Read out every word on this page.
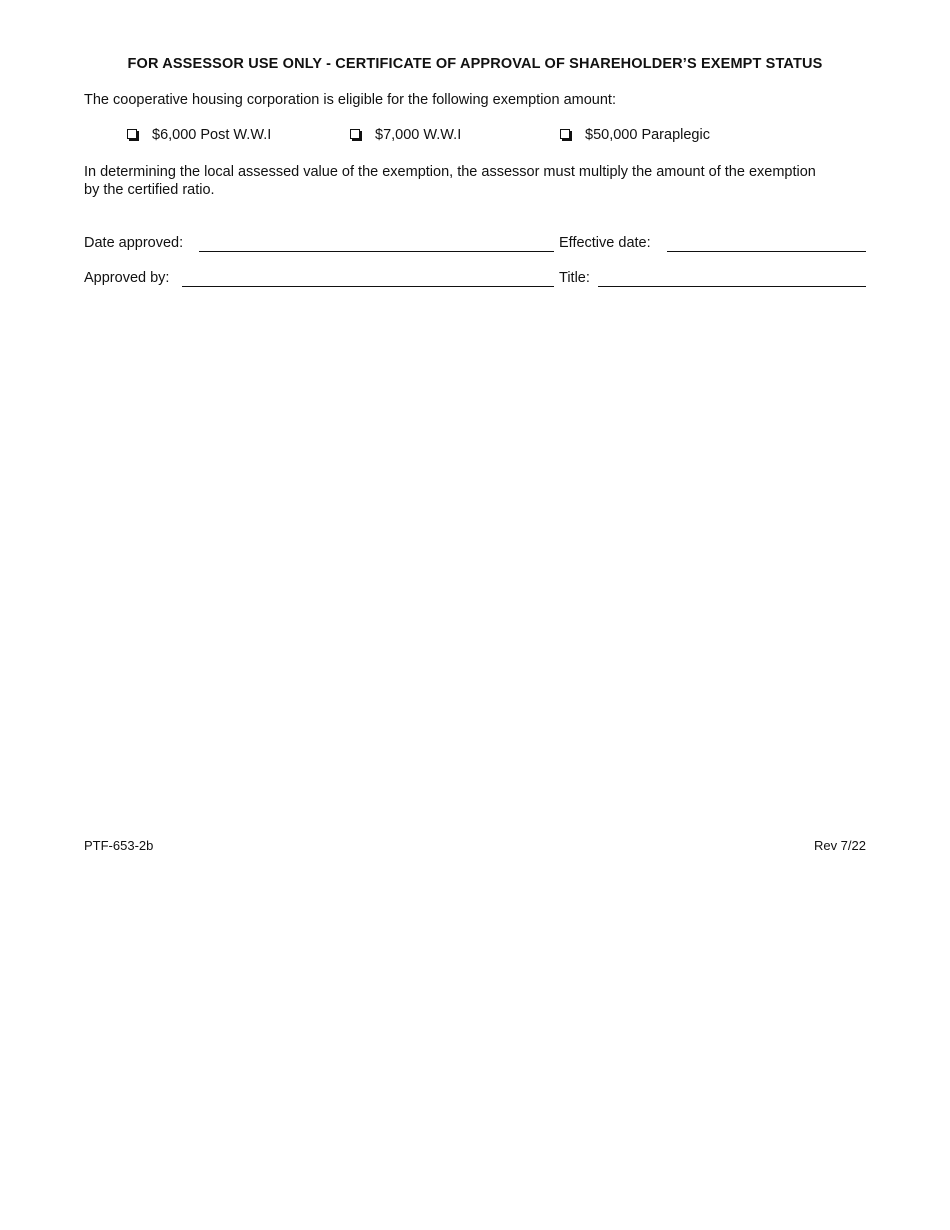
FOR ASSESSOR USE ONLY - CERTIFICATE OF APPROVAL OF SHAREHOLDER’S EXEMPT STATUS
The cooperative housing corporation is eligible for the following exemption amount:
$6,000 Post W.W.I	$7,000 W.W.I	$50,000 Paraplegic
In determining the local assessed value of the exemption, the assessor must multiply the amount of the exemption by the certified ratio.
Date approved:	Effective date:
Approved by:	Title:
PTF-653-2b	Rev 7/22
